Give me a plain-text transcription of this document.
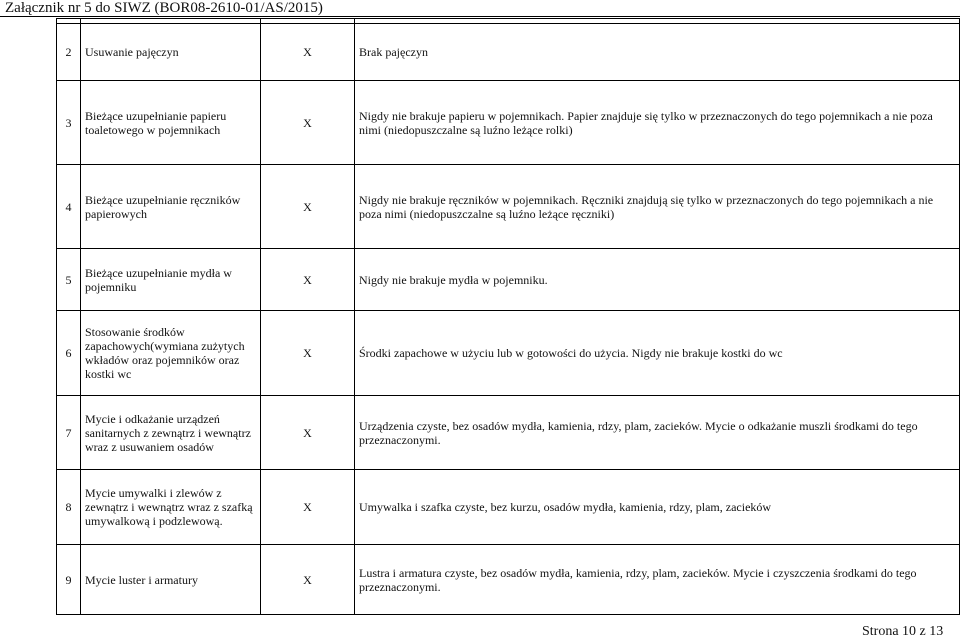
Załącznik nr 5 do SIWZ (BOR08-2610-01/AS/2015)

2	Usuwanie pajęczyn	X	Brak pajęczyn
3	Bieżące uzupełnianie papieru toaletowego w pojemnikach	X	Nigdy nie brakuje papieru w pojemnikach. Papier znajduje się tylko w przeznaczonych do tego pojemnikach a nie poza nimi (niedopuszczalne są luźno leżące rolki)
4	Bieżące uzupełnianie ręczników papierowych	X	Nigdy nie brakuje ręczników w pojemnikach. Ręczniki znajdują się tylko w przeznaczonych do tego pojemnikach a nie poza nimi (niedopuszczalne są luźno leżące ręczniki)
5	Bieżące uzupełnianie mydła w pojemniku	X	Nigdy nie brakuje mydła w pojemniku.
6	Stosowanie środków zapachowych(wymiana zużytych wkładów oraz pojemników oraz kostki wc	X	Środki zapachowe w użyciu lub w gotowości do użycia. Nigdy nie brakuje kostki do wc
7	Mycie i odkażanie urządzeń sanitarnych z zewnątrz i wewnątrz wraz z usuwaniem osadów	X	Urządzenia czyste, bez osadów mydła, kamienia, rdzy, plam, zacieków. Mycie o odkażanie muszli środkami do tego przeznaczonymi.
8	Mycie umywalki i zlewów z zewnątrz i wewnątrz wraz z szafką umywalkową i podzlewową.	X	Umywalka i szafka czyste, bez kurzu, osadów mydła, kamienia, rdzy, plam, zacieków
9	Mycie luster i armatury	X	Lustra i armatura czyste, bez osadów mydła, kamienia, rdzy, plam, zacieków. Mycie i czyszczenia środkami do tego przeznaczonymi.
Strona 10 z 13
